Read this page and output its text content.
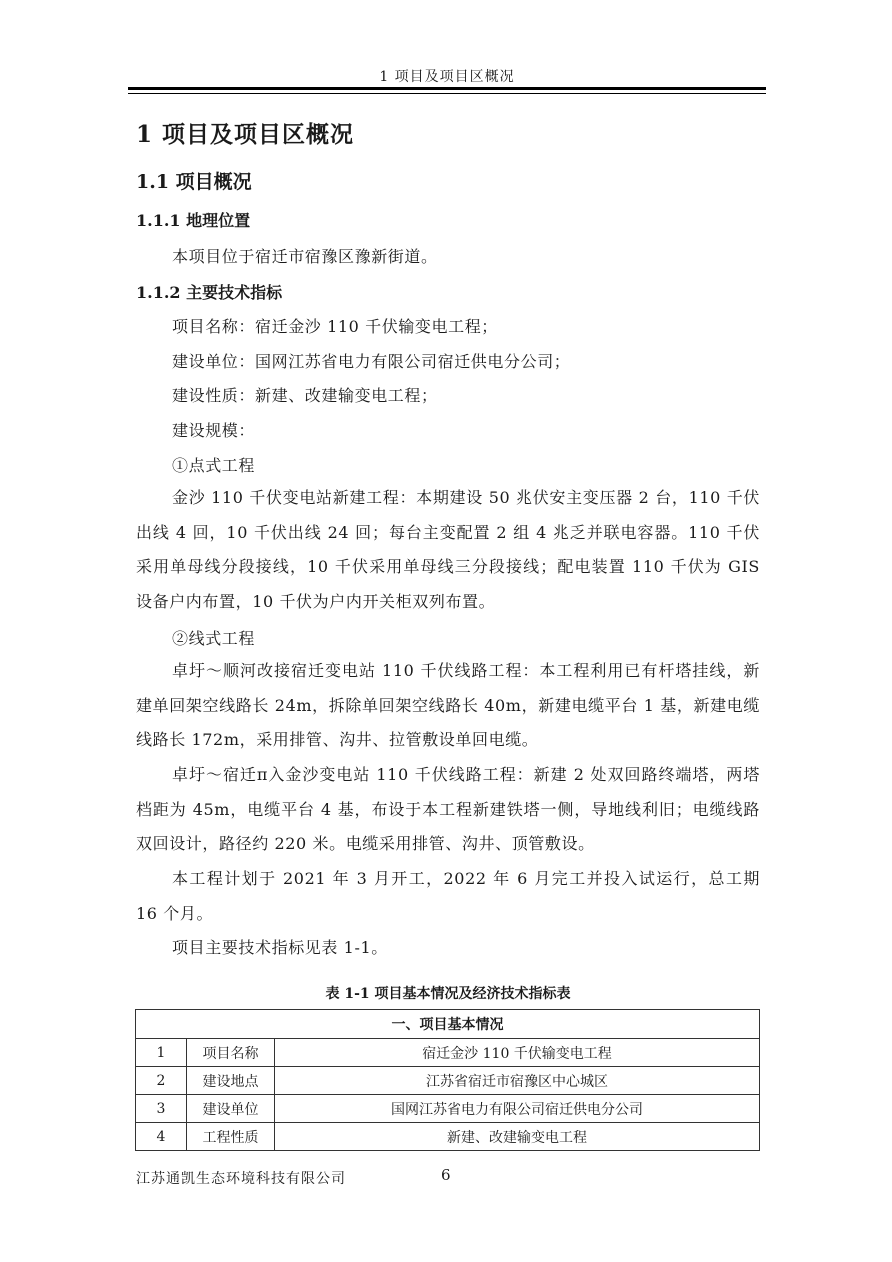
1 项目及项目区概况
1 项目及项目区概况
1.1 项目概况
1.1.1 地理位置
本项目位于宿迁市宿豫区豫新街道。
1.1.2 主要技术指标
项目名称：宿迁金沙 110 千伏输变电工程；
建设单位：国网江苏省电力有限公司宿迁供电分公司；
建设性质：新建、改建输变电工程；
建设规模：
①点式工程
金沙 110 千伏变电站新建工程：本期建设 50 兆伏安主变压器 2 台，110 千伏出线 4 回，10 千伏出线 24 回；每台主变配置 2 组 4 兆乏并联电容器。110 千伏采用单母线分段接线，10 千伏采用单母线三分段接线；配电装置 110 千伏为 GIS 设备户内布置，10 千伏为户内开关柜双列布置。
②线式工程
卓圩～顺河改接宿迁变电站 110 千伏线路工程：本工程利用已有杆塔挂线，新建单回架空线路长 24m，拆除单回架空线路长 40m，新建电缆平台 1 基，新建电缆线路长 172m，采用排管、沟井、拉管敷设单回电缆。
卓圩～宿迁π入金沙变电站 110 千伏线路工程：新建 2 处双回路终端塔，两塔档距为 45m，电缆平台 4 基，布设于本工程新建铁塔一侧，导地线利旧；电缆线路双回设计，路径约 220 米。电缆采用排管、沟井、顶管敷设。
本工程计划于 2021 年 3 月开工，2022 年 6 月完工并投入试运行，总工期 16 个月。
项目主要技术指标见表 1-1。
表 1-1 项目基本情况及经济技术指标表
一、项目基本情况		
1	项目名称	宿迁金沙 110 千伏输变电工程
2	建设地点	江苏省宿迁市宿豫区中心城区
3	建设单位	国网江苏省电力有限公司宿迁供电分公司
4	工程性质	新建、改建输变电工程
江苏通凯生态环境科技有限公司	6
